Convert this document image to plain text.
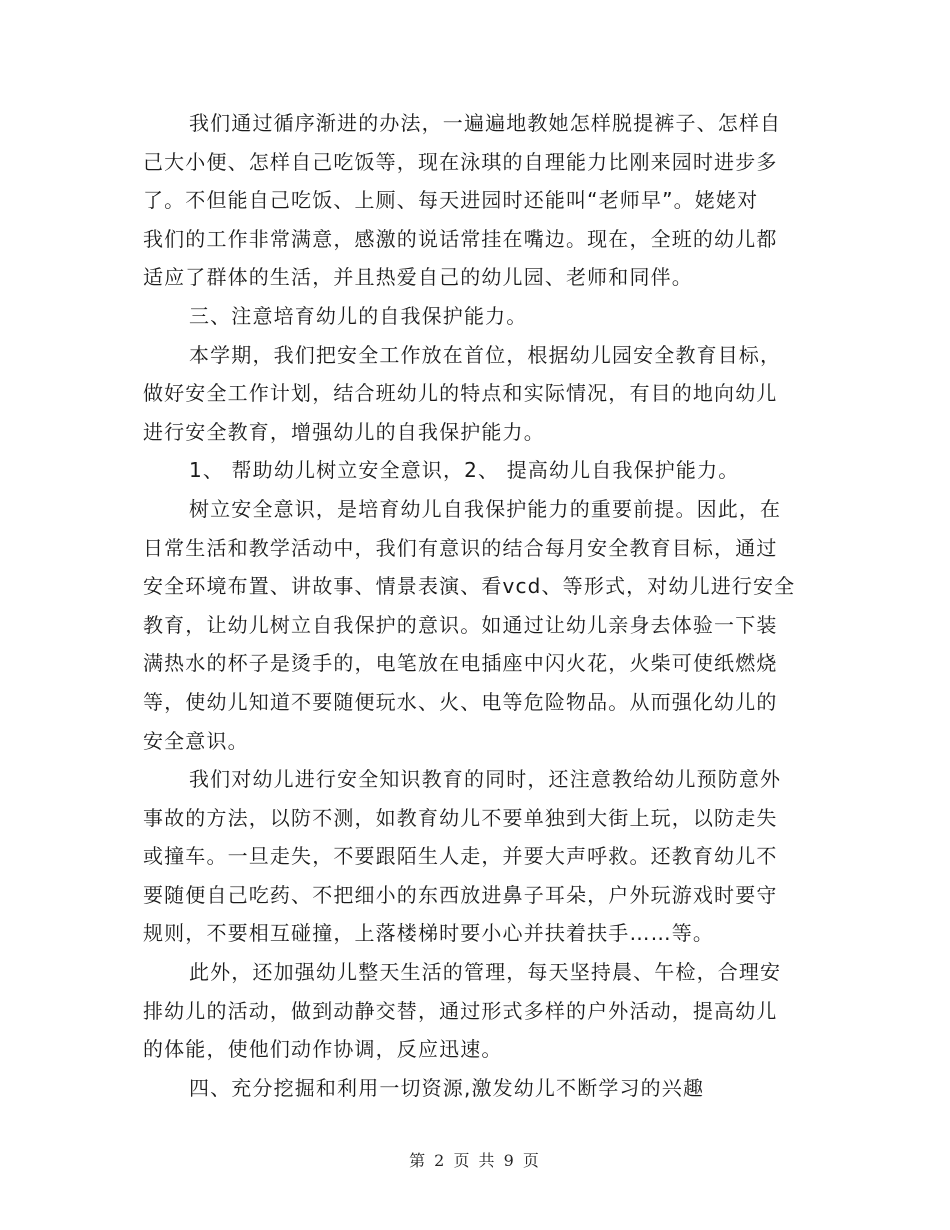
我们通过循序渐进的办法，一遍遍地教她怎样脱提裤子、怎样自
己大小便、怎样自己吃饭等，现在泳琪的自理能力比刚来园时进步多
了。不但能自己吃饭、上厕、每天进园时还能叫“老师早”。姥姥对
我们的工作非常满意，感激的说话常挂在嘴边。现在，全班的幼儿都
适应了群体的生活，并且热爱自己的幼儿园、老师和同伴。
三、注意培育幼儿的自我保护能力。
本学期，我们把安全工作放在首位，根据幼儿园安全教育目标，
做好安全工作计划，结合班幼儿的特点和实际情况，有目的地向幼儿
进行安全教育，增强幼儿的自我保护能力。
1、 帮助幼儿树立安全意识，2、 提高幼儿自我保护能力。
树立安全意识，是培育幼儿自我保护能力的重要前提。因此，在
日常生活和教学活动中，我们有意识的结合每月安全教育目标，通过
安全环境布置、讲故事、情景表演、看vcd、等形式，对幼儿进行安全
教育，让幼儿树立自我保护的意识。如通过让幼儿亲身去体验一下装
满热水的杯子是烫手的，电笔放在电插座中闪火花，火柴可使纸燃烧
等，使幼儿知道不要随便玩水、火、电等危险物品。从而强化幼儿的
安全意识。
我们对幼儿进行安全知识教育的同时，还注意教给幼儿预防意外
事故的方法，以防不测，如教育幼儿不要单独到大街上玩，以防走失
或撞车。一旦走失，不要跟陌生人走，并要大声呼救。还教育幼儿不
要随便自己吃药、不把细小的东西放进鼻子耳朵，户外玩游戏时要守
规则，不要相互碰撞，上落楼梯时要小心并扶着扶手……等。
此外，还加强幼儿整天生活的管理，每天坚持晨、午检，合理安
排幼儿的活动，做到动静交替，通过形式多样的户外活动，提高幼儿
的体能，使他们动作协调，反应迅速。
四、充分挖掘和利用一切资源,激发幼儿不断学习的兴趣
第 2 页 共 9 页
